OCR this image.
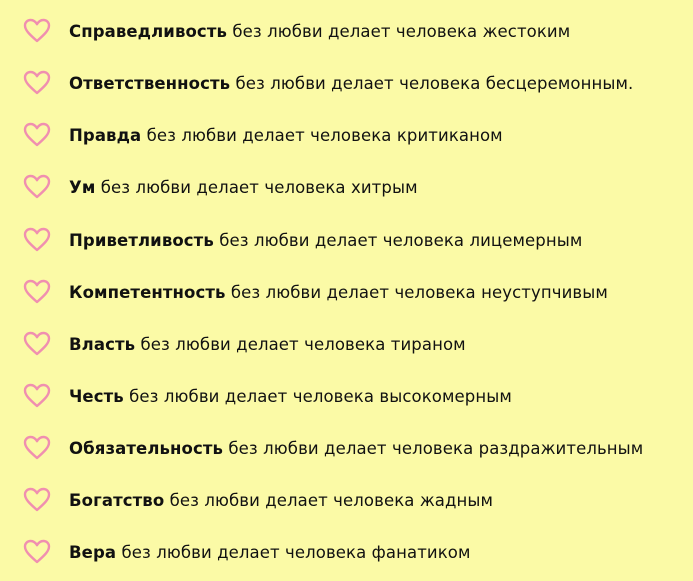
Справедливость без любви делает человека жестоким
Ответственность без любви делает человека бесцеремонным.
Правда без любви делает человека критиканом
Ум без любви делает человека хитрым
Приветливость без любви делает человека лицемерным
Компетентность без любви делает человека неуступчивым
Власть без любви делает человека тираном
Честь без любви делает человека высокомерным
Обязательность без любви делает человека раздражительным
Богатство без любви делает человека жадным
Вера без любви делает человека фанатиком
